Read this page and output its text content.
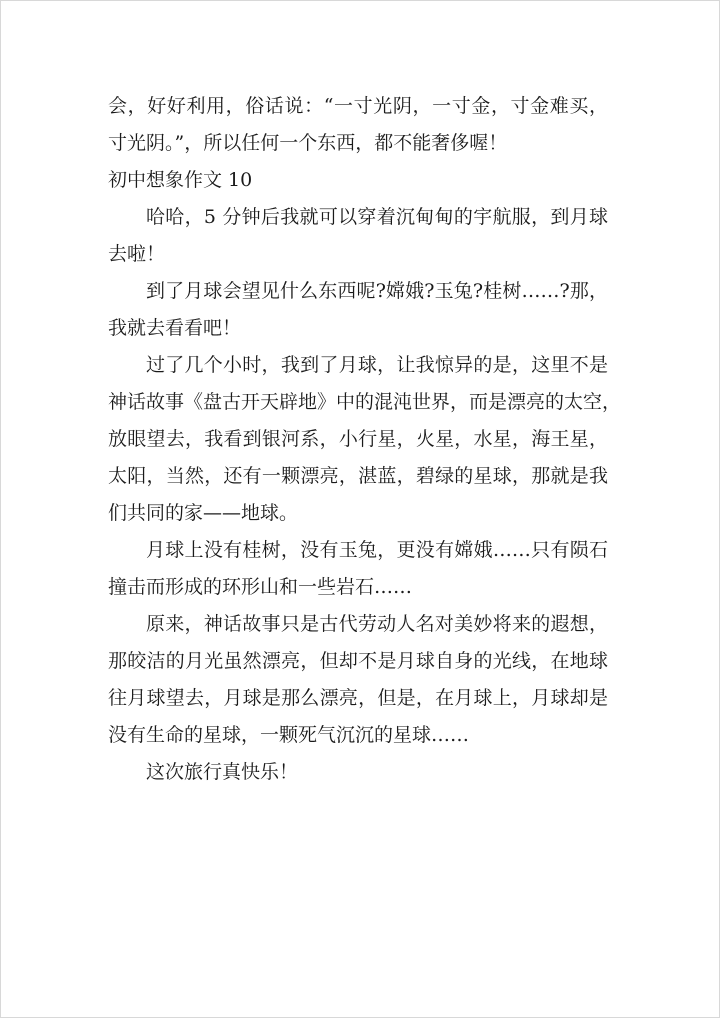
会，好好利用，俗话说：“一寸光阴，一寸金，寸金难买，
寸光阴。”，所以任何一个东西，都不能奢侈喔！
初中想象作文 10
哈哈，5 分钟后我就可以穿着沉甸甸的宇航服，到月球
去啦！
到了月球会望见什么东西呢?嫦娥?玉兔?桂树……?那，
我就去看看吧！
过了几个小时，我到了月球，让我惊异的是，这里不是
神话故事《盘古开天辟地》中的混沌世界，而是漂亮的太空，
放眼望去，我看到银河系，小行星，火星，水星，海王星，
太阳，当然，还有一颗漂亮，湛蓝，碧绿的星球，那就是我
们共同的家——地球。
月球上没有桂树，没有玉兔，更没有嫦娥……只有陨石
撞击而形成的环形山和一些岩石……
原来，神话故事只是古代劳动人名对美妙将来的遐想，
那皎洁的月光虽然漂亮，但却不是月球自身的光线，在地球
往月球望去，月球是那么漂亮，但是，在月球上，月球却是
没有生命的星球，一颗死气沉沉的星球……
这次旅行真快乐！
